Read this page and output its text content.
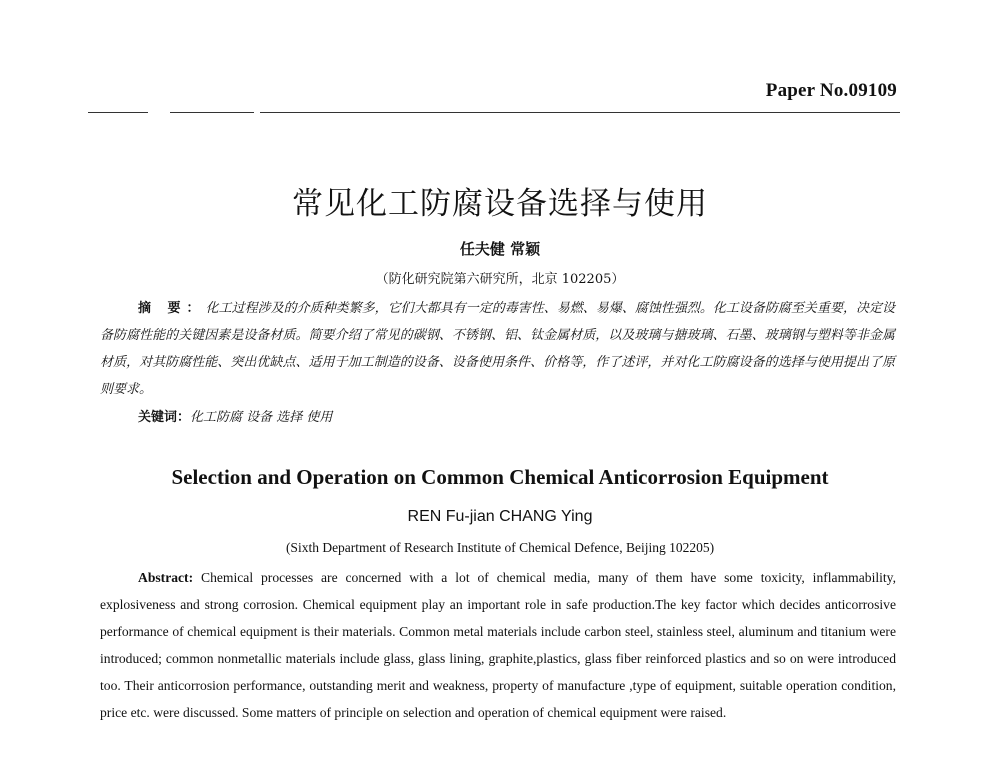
Paper No.09109
常见化工防腐设备选择与使用
任夫健 常颖
（防化研究院第六研究所，北京 102205）
摘 要：化工过程涉及的介质种类繁多，它们大都具有一定的毒害性、易燃、易爆、腐蚀性强烈。化工设备防腐至关重要，决定设备防腐性能的关键因素是设备材质。简要介绍了常见的碳钢、不锈钢、铝、钛金属材质，以及玻璃与搪玻璃、石墨、玻璃钢与塑料等非金属材质，对其防腐性能、突出优缺点、适用于加工制造的设备、设备使用条件、价格等，作了述评，并对化工防腐设备的选择与使用提出了原则要求。
关键词：化工防腐 设备 选择 使用
Selection and Operation on Common Chemical Anticorrosion Equipment
REN Fu-jian CHANG Ying
(Sixth Department of Research Institute of Chemical Defence, Beijing 102205)
Abstract: Chemical processes are concerned with a lot of chemical media, many of them have some toxicity, inflammability, explosiveness and strong corrosion. Chemical equipment play an important role in safe production.The key factor which decides anticorrosive performance of chemical equipment is their materials. Common metal materials include carbon steel, stainless steel, aluminum and titanium were introduced; common nonmetallic materials include glass, glass lining, graphite,plastics, glass fiber reinforced plastics and so on were introduced too. Their anticorrosion performance, outstanding merit and weakness, property of manufacture ,type of equipment, suitable operation condition, price etc. were discussed. Some matters of principle on selection and operation of chemical equipment were raised.
